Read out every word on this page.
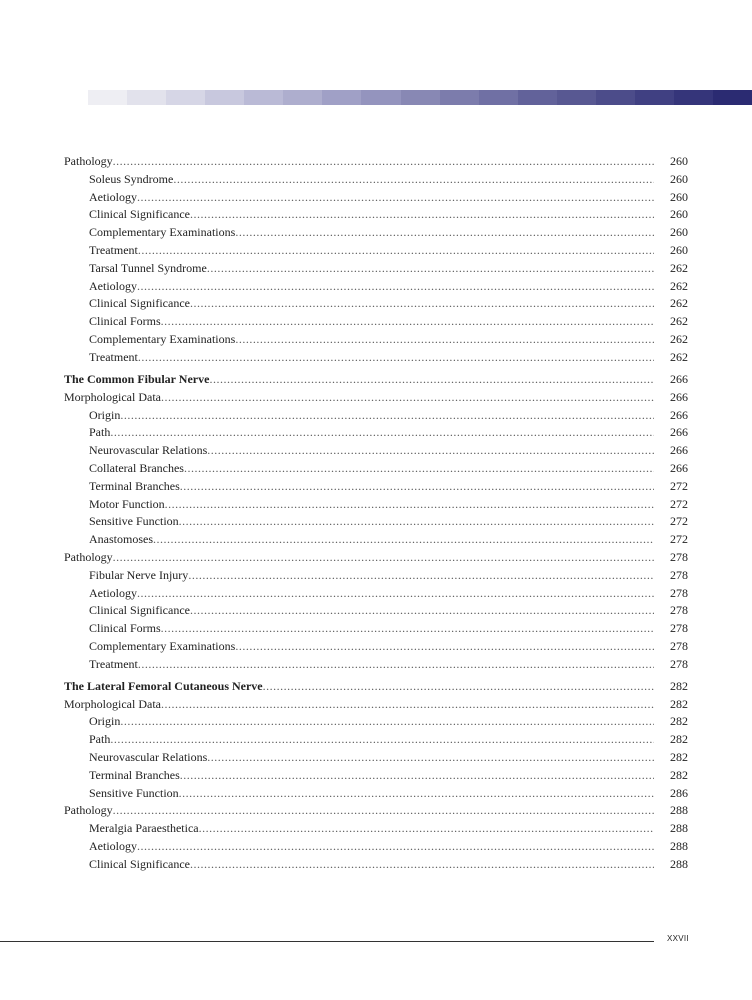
Pathology .....	260
Soleus Syndrome .....	260
Aetiology .....	260
Clinical Significance .....	260
Complementary Examinations .....	260
Treatment .....	260
Tarsal Tunnel Syndrome .....	262
Aetiology .....	262
Clinical Significance .....	262
Clinical Forms .....	262
Complementary Examinations .....	262
Treatment .....	262
The Common Fibular Nerve .....	266
Morphological Data .....	266
Origin .....	266
Path .....	266
Neurovascular Relations .....	266
Collateral Branches .....	266
Terminal Branches .....	272
Motor Function .....	272
Sensitive Function .....	272
Anastomoses .....	272
Pathology .....	278
Fibular Nerve Injury .....	278
Aetiology .....	278
Clinical Significance .....	278
Clinical Forms .....	278
Complementary Examinations .....	278
Treatment .....	278
The Lateral Femoral Cutaneous Nerve .....	282
Morphological Data .....	282
Origin .....	282
Path .....	282
Neurovascular Relations .....	282
Terminal Branches .....	282
Sensitive Function .....	286
Pathology .....	288
Meralgia Paraesthetica .....	288
Aetiology .....	288
Clinical Significance .....	288
XXVII
